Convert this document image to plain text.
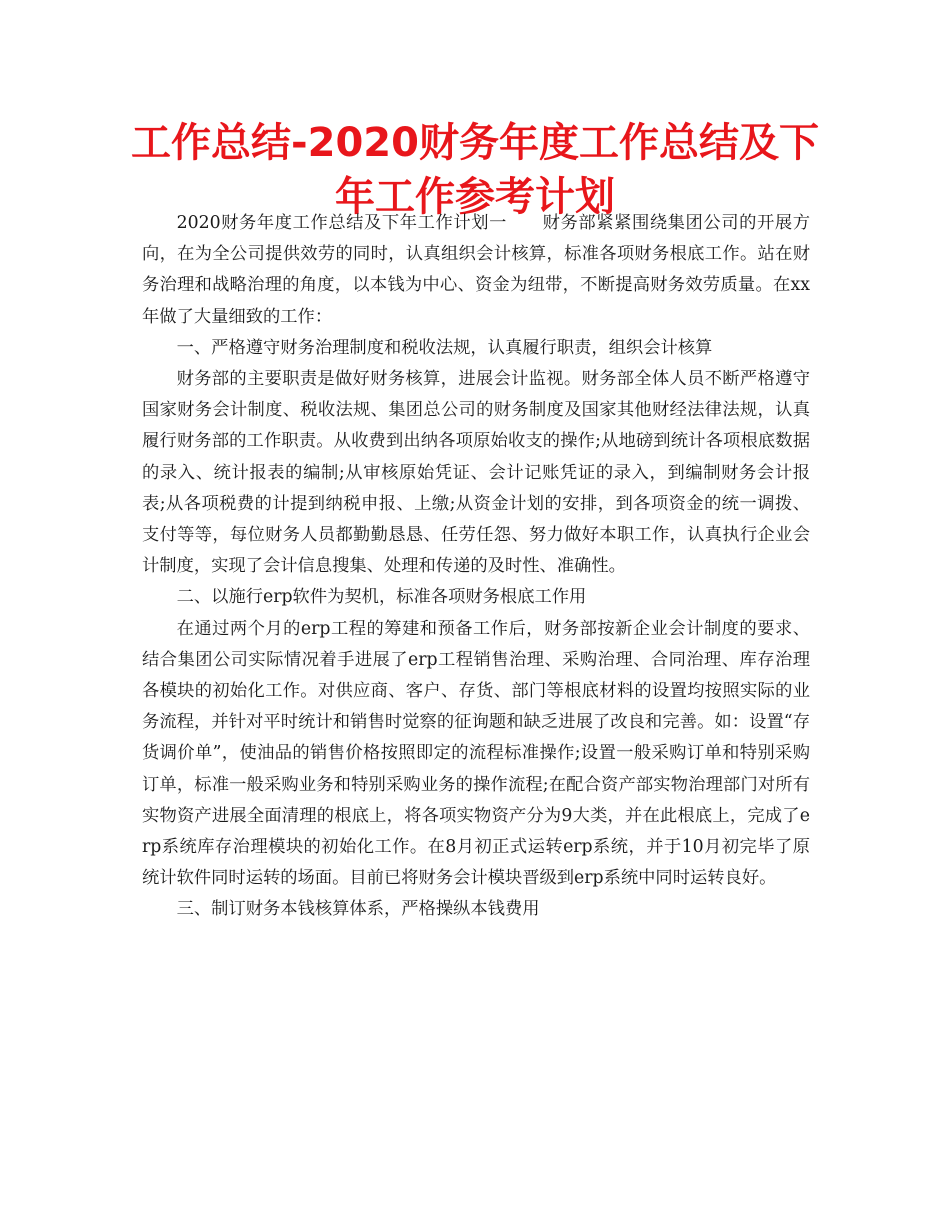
工作总结-2020财务年度工作总结及下年工作参考计划

2020财务年度工作总结及下年工作计划一　　财务部紧紧围绕集团公司的开展方向，在为全公司提供效劳的同时，认真组织会计核算，标准各项财务根底工作。站在财务治理和战略治理的角度，以本钱为中心、资金为纽带，不断提高财务效劳质量。在xx年做了大量细致的工作：

一、严格遵守财务治理制度和税收法规，认真履行职责，组织会计核算

财务部的主要职责是做好财务核算，进展会计监视。财务部全体人员不断严格遵守国家财务会计制度、税收法规、集团总公司的财务制度及国家其他财经法律法规，认真履行财务部的工作职责。从收费到出纳各项原始收支的操作;从地磅到统计各项根底数据的录入、统计报表的编制;从审核原始凭证、会计记账凭证的录入，到编制财务会计报表;从各项税费的计提到纳税申报、上缴;从资金计划的安排，到各项资金的统一调拨、支付等等，每位财务人员都勤勤恳恳、任劳任怨、努力做好本职工作，认真执行企业会计制度，实现了会计信息搜集、处理和传递的及时性、准确性。

二、以施行erp软件为契机，标准各项财务根底工作用

在通过两个月的erp工程的筹建和预备工作后，财务部按新企业会计制度的要求、结合集团公司实际情况着手进展了erp工程销售治理、采购治理、合同治理、库存治理各模块的初始化工作。对供应商、客户、存货、部门等根底材料的设置均按照实际的业务流程，并针对平时统计和销售时觉察的征询题和缺乏进展了改良和完善。如：设置“存货调价单”，使油品的销售价格按照即定的流程标准操作;设置一般采购订单和特别采购订单，标准一般采购业务和特别采购业务的操作流程;在配合资产部实物治理部门对所有实物资产进展全面清理的根底上，将各项实物资产分为9大类，并在此根底上，完成了erp系统库存治理模块的初始化工作。在8月初正式运转erp系统，并于10月初完毕了原统计软件同时运转的场面。目前已将财务会计模块晋级到erp系统中同时运转良好。

三、制订财务本钱核算体系，严格操纵本钱费用
